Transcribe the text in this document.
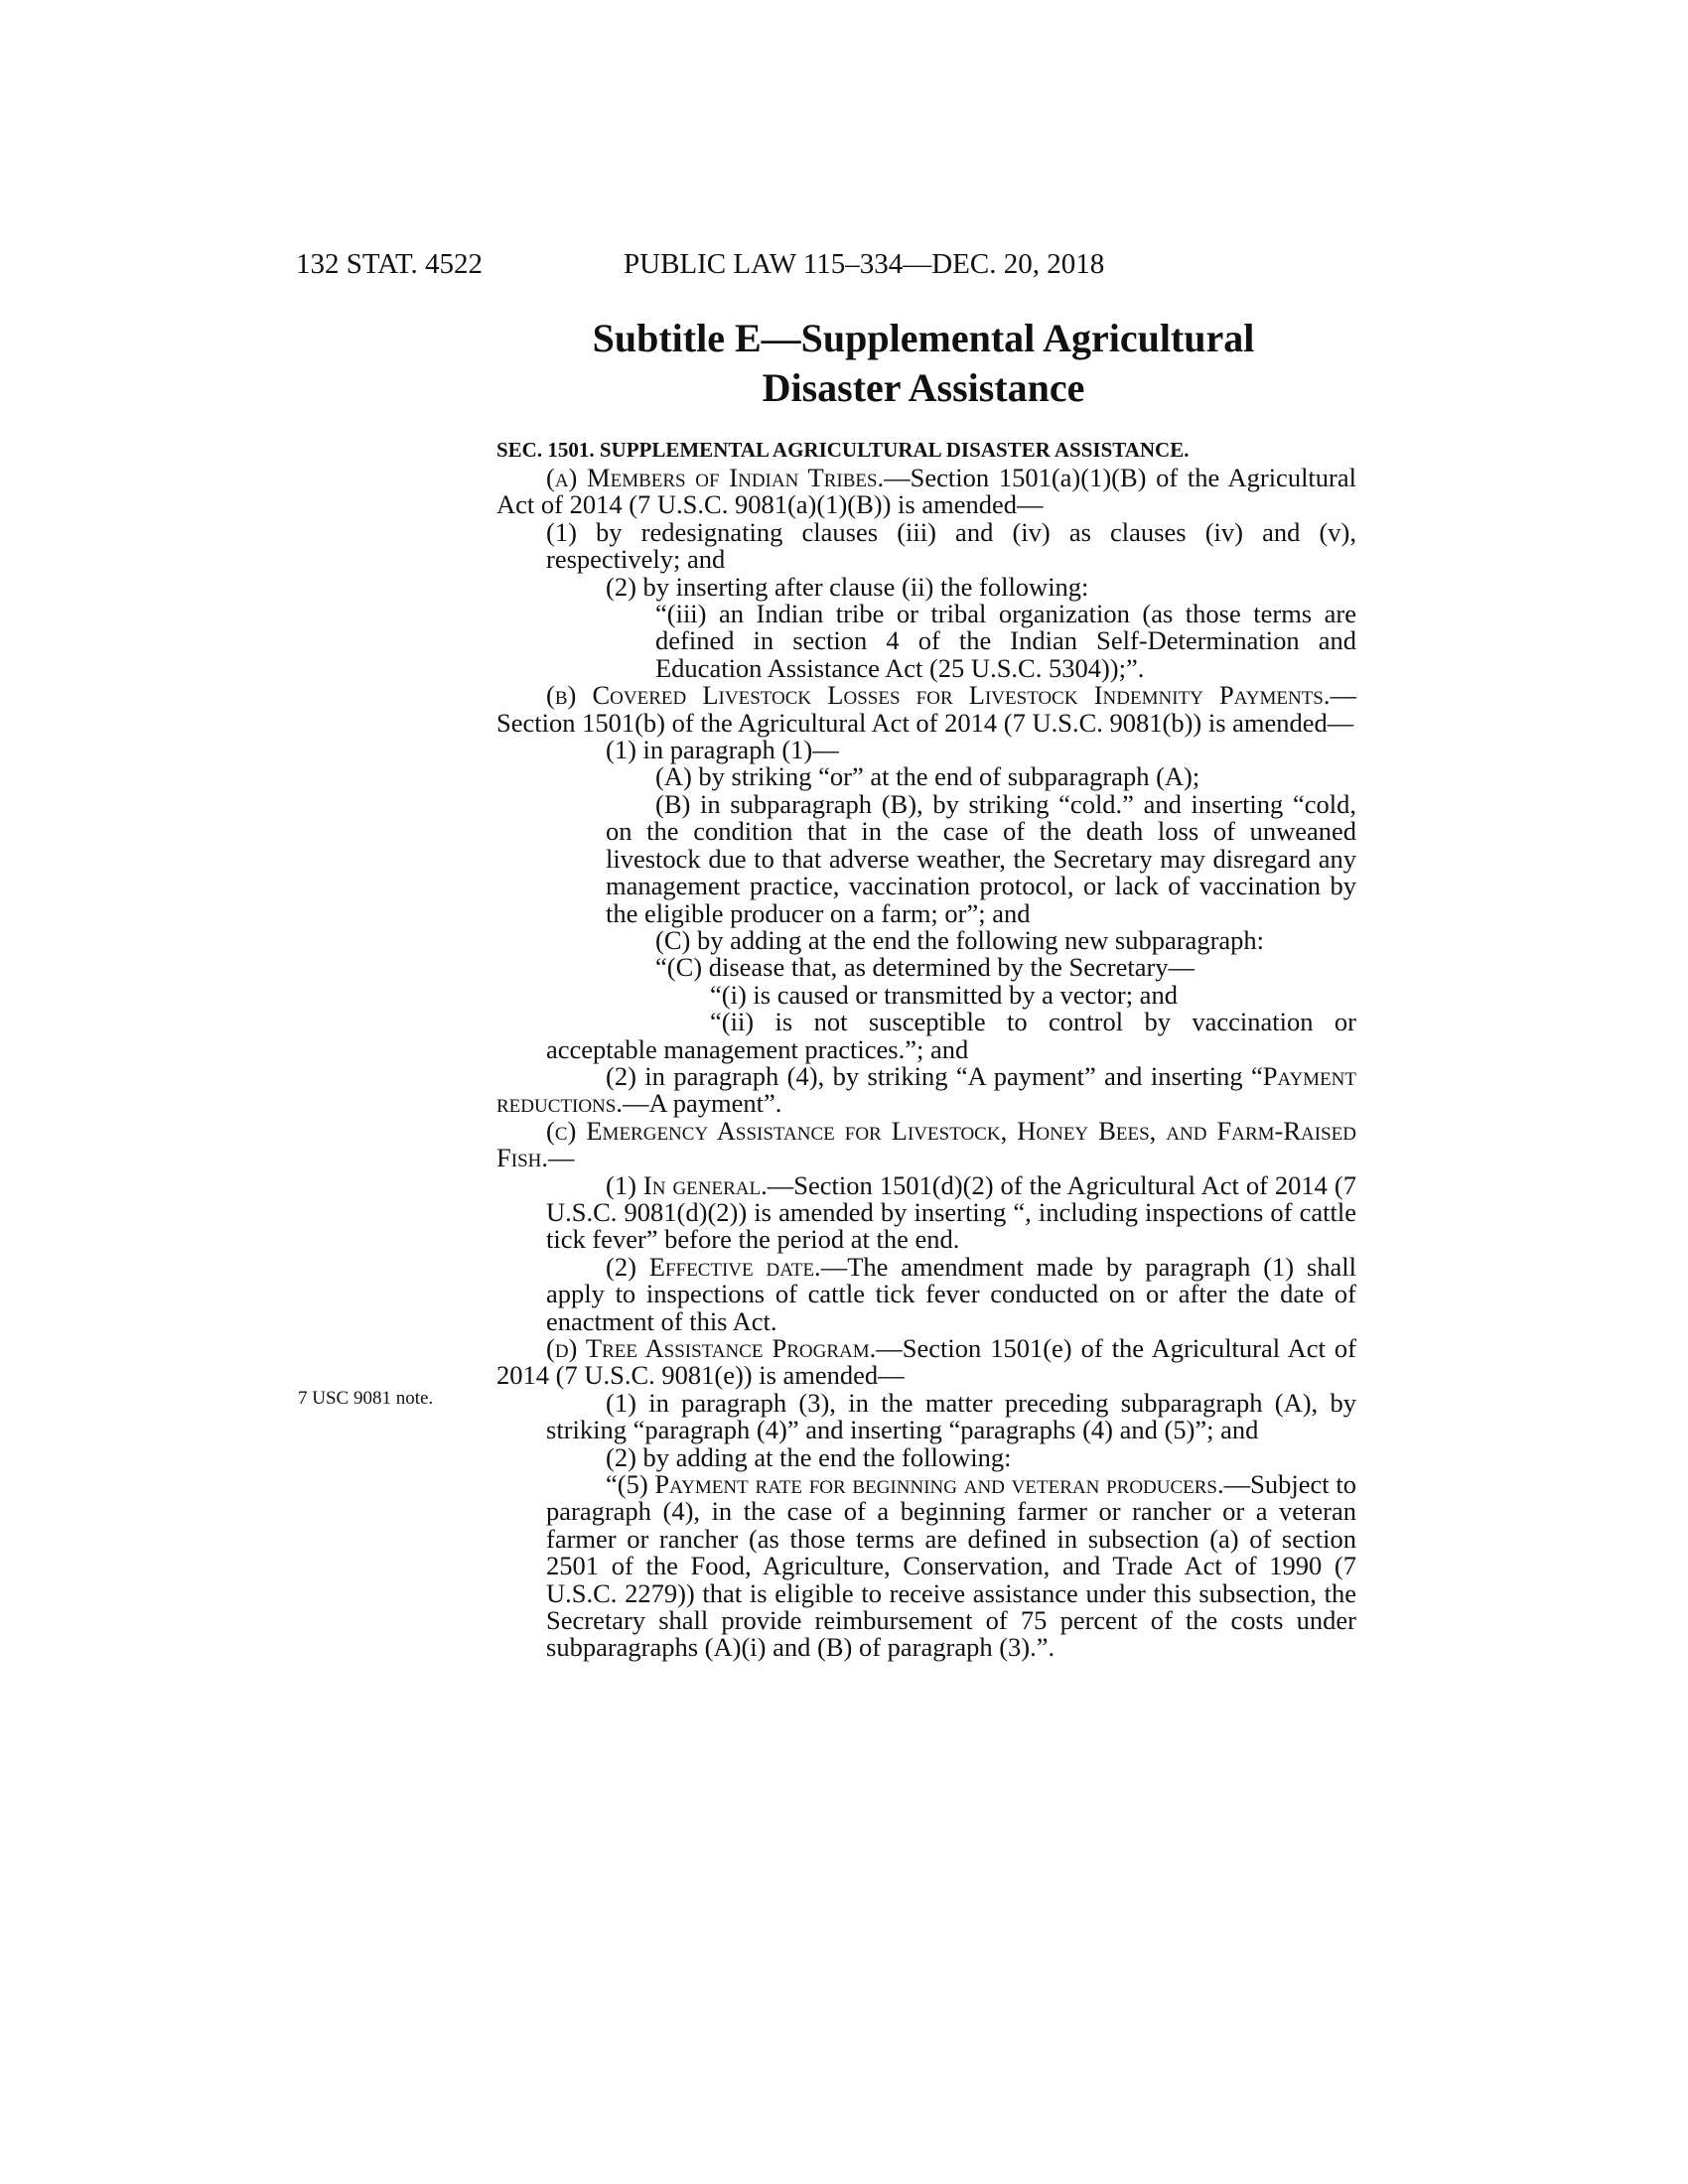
132 STAT. 4522	PUBLIC LAW 115–334—DEC. 20, 2018
Subtitle E—Supplemental Agricultural
Disaster Assistance
SEC. 1501. SUPPLEMENTAL AGRICULTURAL DISASTER ASSISTANCE.
7 USC 9081 note.

(a) Members of Indian Tribes.—Section 1501(a)(1)(B) of the Agricultural Act of 2014 (7 U.S.C. 9081(a)(1)(B)) is amended—

(1) by redesignating clauses (iii) and (iv) as clauses (iv) and (v), respectively; and

(2) by inserting after clause (ii) the following:

“(iii) an Indian tribe or tribal organization (as those terms are defined in section 4 of the Indian Self-Determination and Education Assistance Act (25 U.S.C. 5304));”.

(b) Covered Livestock Losses for Livestock Indemnity Payments.—Section 1501(b) of the Agricultural Act of 2014 (7 U.S.C. 9081(b)) is amended—

(1) in paragraph (1)—

(A) by striking “or” at the end of subparagraph (A);

(B) in subparagraph (B), by striking “cold.” and inserting “cold, on the condition that in the case of the death loss of unweaned livestock due to that adverse weather, the Secretary may disregard any management practice, vaccination protocol, or lack of vaccination by the eligible producer on a farm; or”; and

(C) by adding at the end the following new subparagraph:

“(C) disease that, as determined by the Secretary—

“(i) is caused or transmitted by a vector; and

“(ii) is not susceptible to control by vaccination or acceptable management practices.”; and

(2) in paragraph (4), by striking “A payment” and inserting “Payment reductions.—A payment”.

(c) Emergency Assistance for Livestock, Honey Bees, and Farm-Raised Fish.—

(1) In general.—Section 1501(d)(2) of the Agricultural Act of 2014 (7 U.S.C. 9081(d)(2)) is amended by inserting “, including inspections of cattle tick fever” before the period at the end.

(2) Effective date.—The amendment made by paragraph (1) shall apply to inspections of cattle tick fever conducted on or after the date of enactment of this Act.

(d) Tree Assistance Program.—Section 1501(e) of the Agricultural Act of 2014 (7 U.S.C. 9081(e)) is amended—

(1) in paragraph (3), in the matter preceding subparagraph (A), by striking “paragraph (4)” and inserting “paragraphs (4) and (5)”; and

(2) by adding at the end the following:

“(5) Payment rate for beginning and veteran producers.—Subject to paragraph (4), in the case of a beginning farmer or rancher or a veteran farmer or rancher (as those terms are defined in subsection (a) of section 2501 of the Food, Agriculture, Conservation, and Trade Act of 1990 (7 U.S.C. 2279)) that is eligible to receive assistance under this subsection, the Secretary shall provide reimbursement of 75 percent of the costs under subparagraphs (A)(i) and (B) of paragraph (3).”.
